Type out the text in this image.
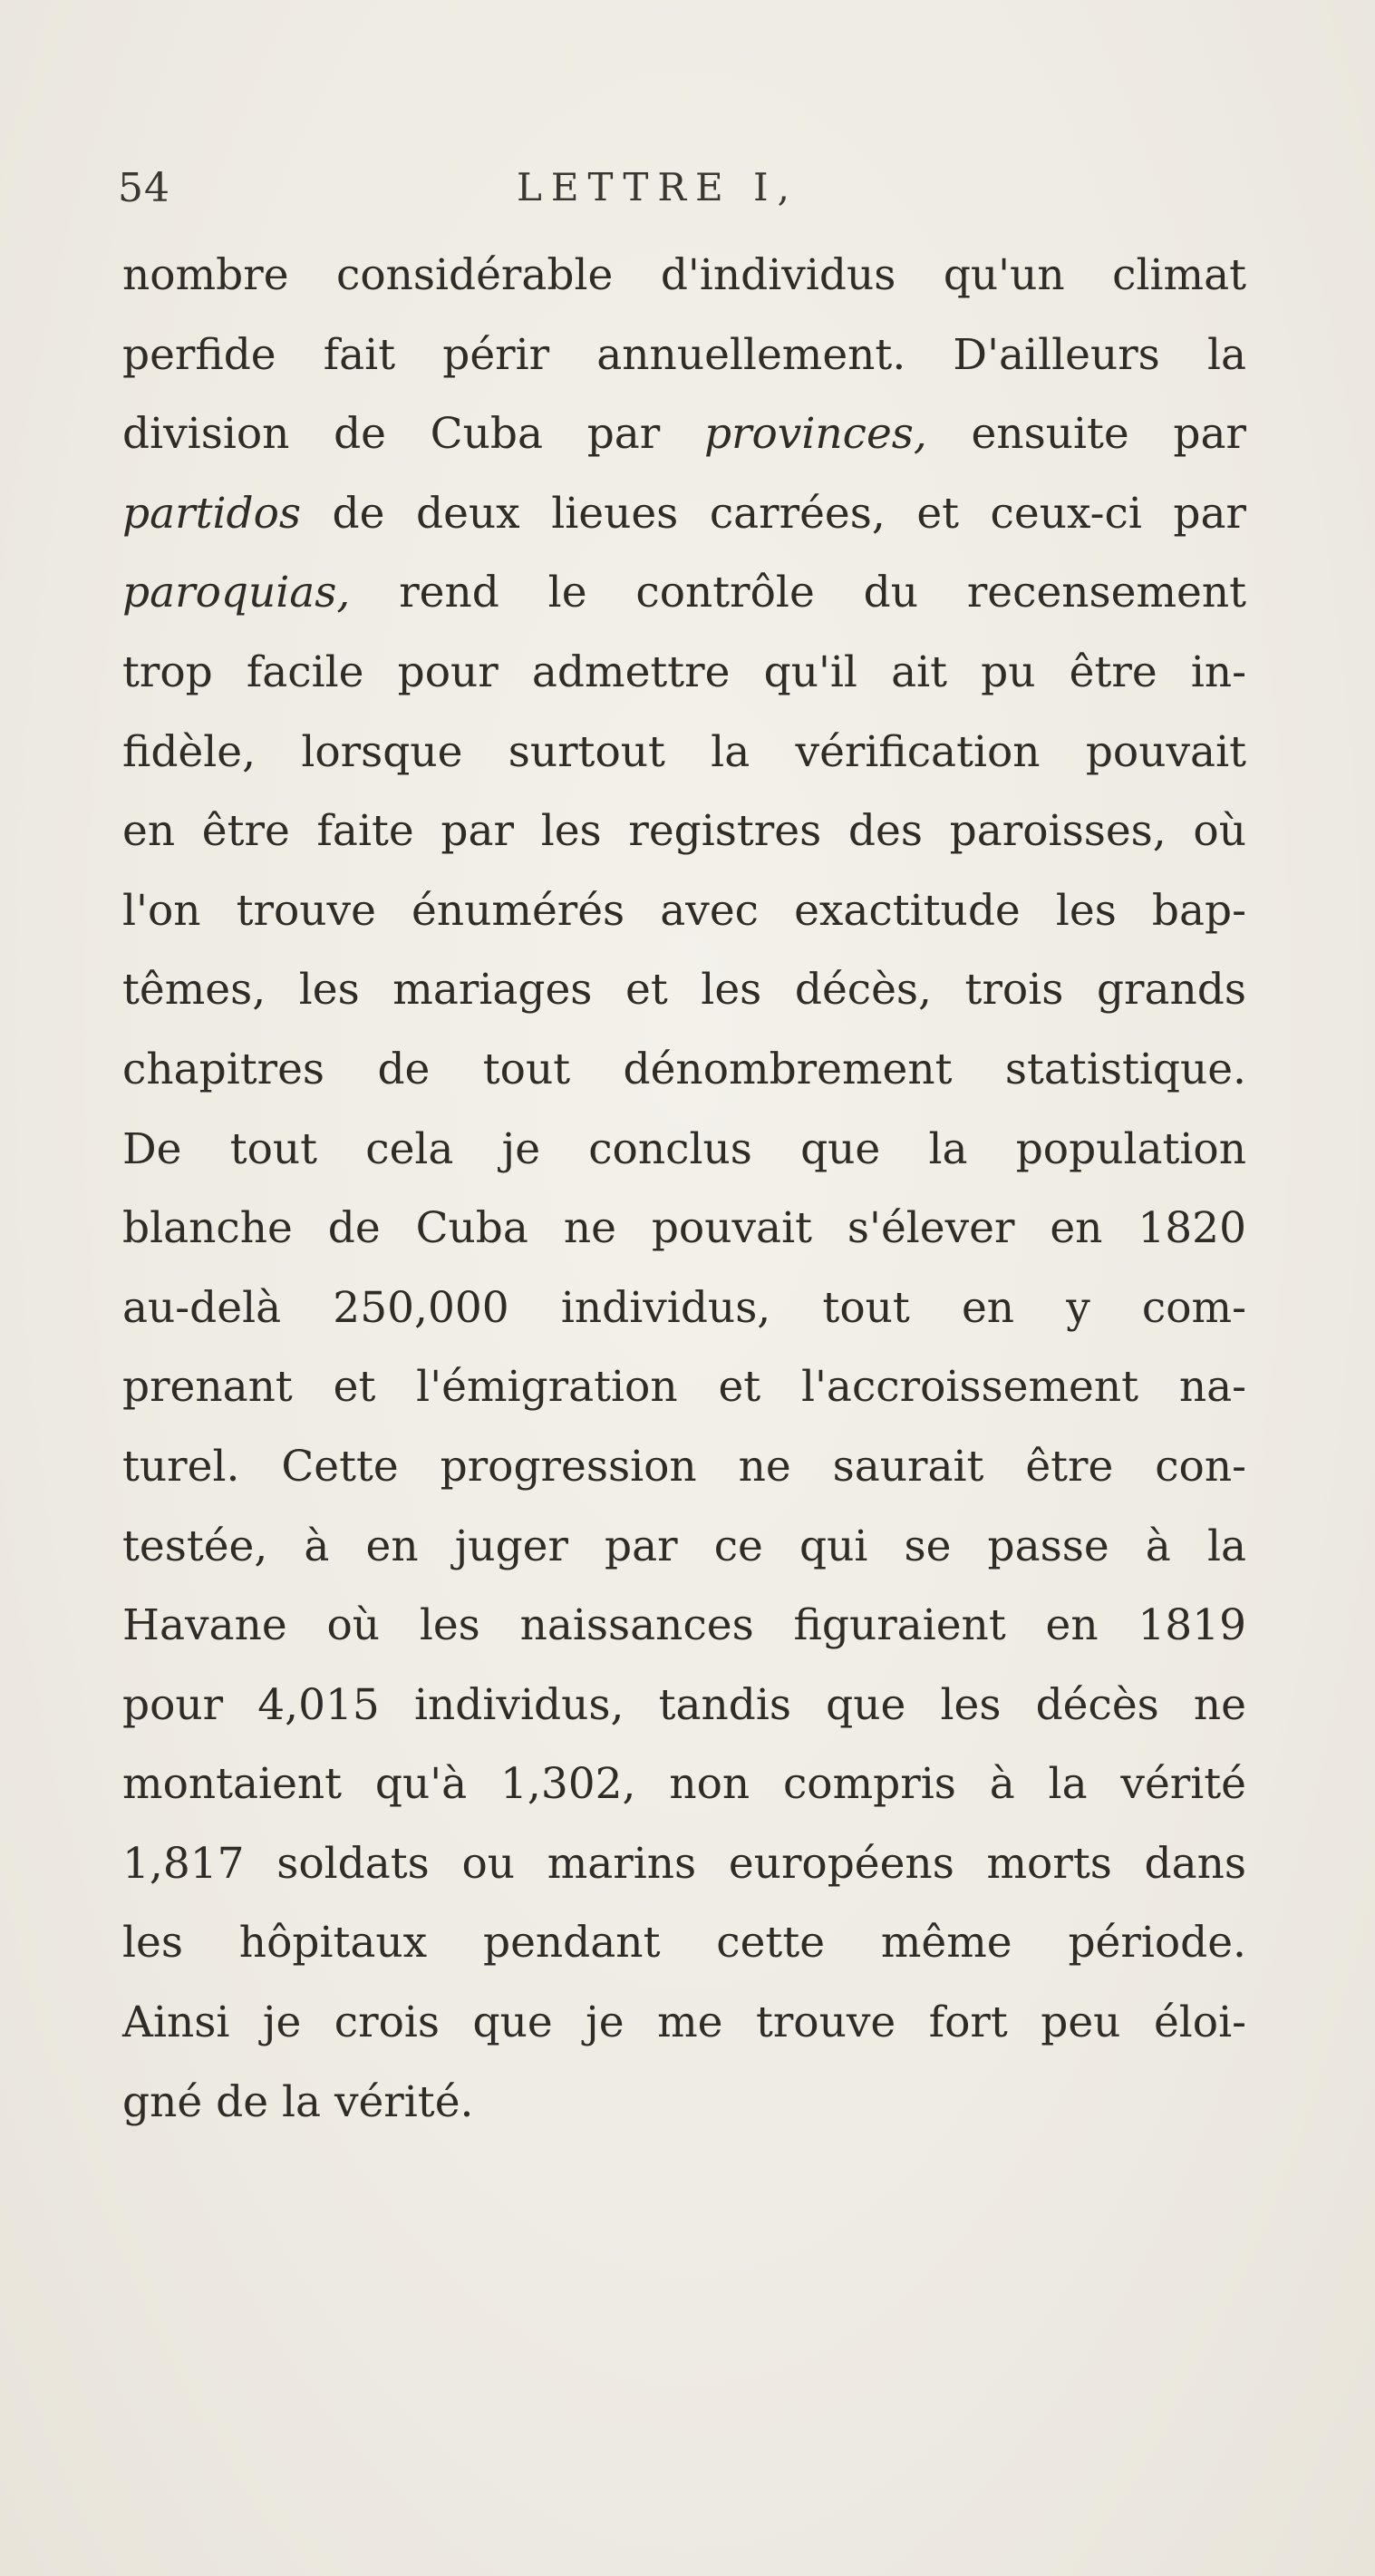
54	LETTRE I,
nombre considérable d'individus qu'un climat
perfide fait périr annuellement. D'ailleurs la
division de Cuba par provinces, ensuite par
partidos de deux lieues carrées, et ceux-ci par
paroquias, rend le contrôle du recensement
trop facile pour admettre qu'il ait pu être in-
fidèle, lorsque surtout la vérification pouvait
en être faite par les registres des paroisses, où
l'on trouve énumérés avec exactitude les bap-
têmes, les mariages et les décès, trois grands
chapitres de tout dénombrement statistique.
De tout cela je conclus que la population
blanche de Cuba ne pouvait s'élever en 1820
au-delà 250,000 individus, tout en y com-
prenant et l'émigration et l'accroissement na-
turel. Cette progression ne saurait être con-
testée, à en juger par ce qui se passe à la
Havane où les naissances figuraient en 1819
pour 4,015 individus, tandis que les décès ne
montaient qu'à 1,302, non compris à la vérité
1,817 soldats ou marins européens morts dans
les hôpitaux pendant cette même période.
Ainsi je crois que je me trouve fort peu éloi-
gné de la vérité.
